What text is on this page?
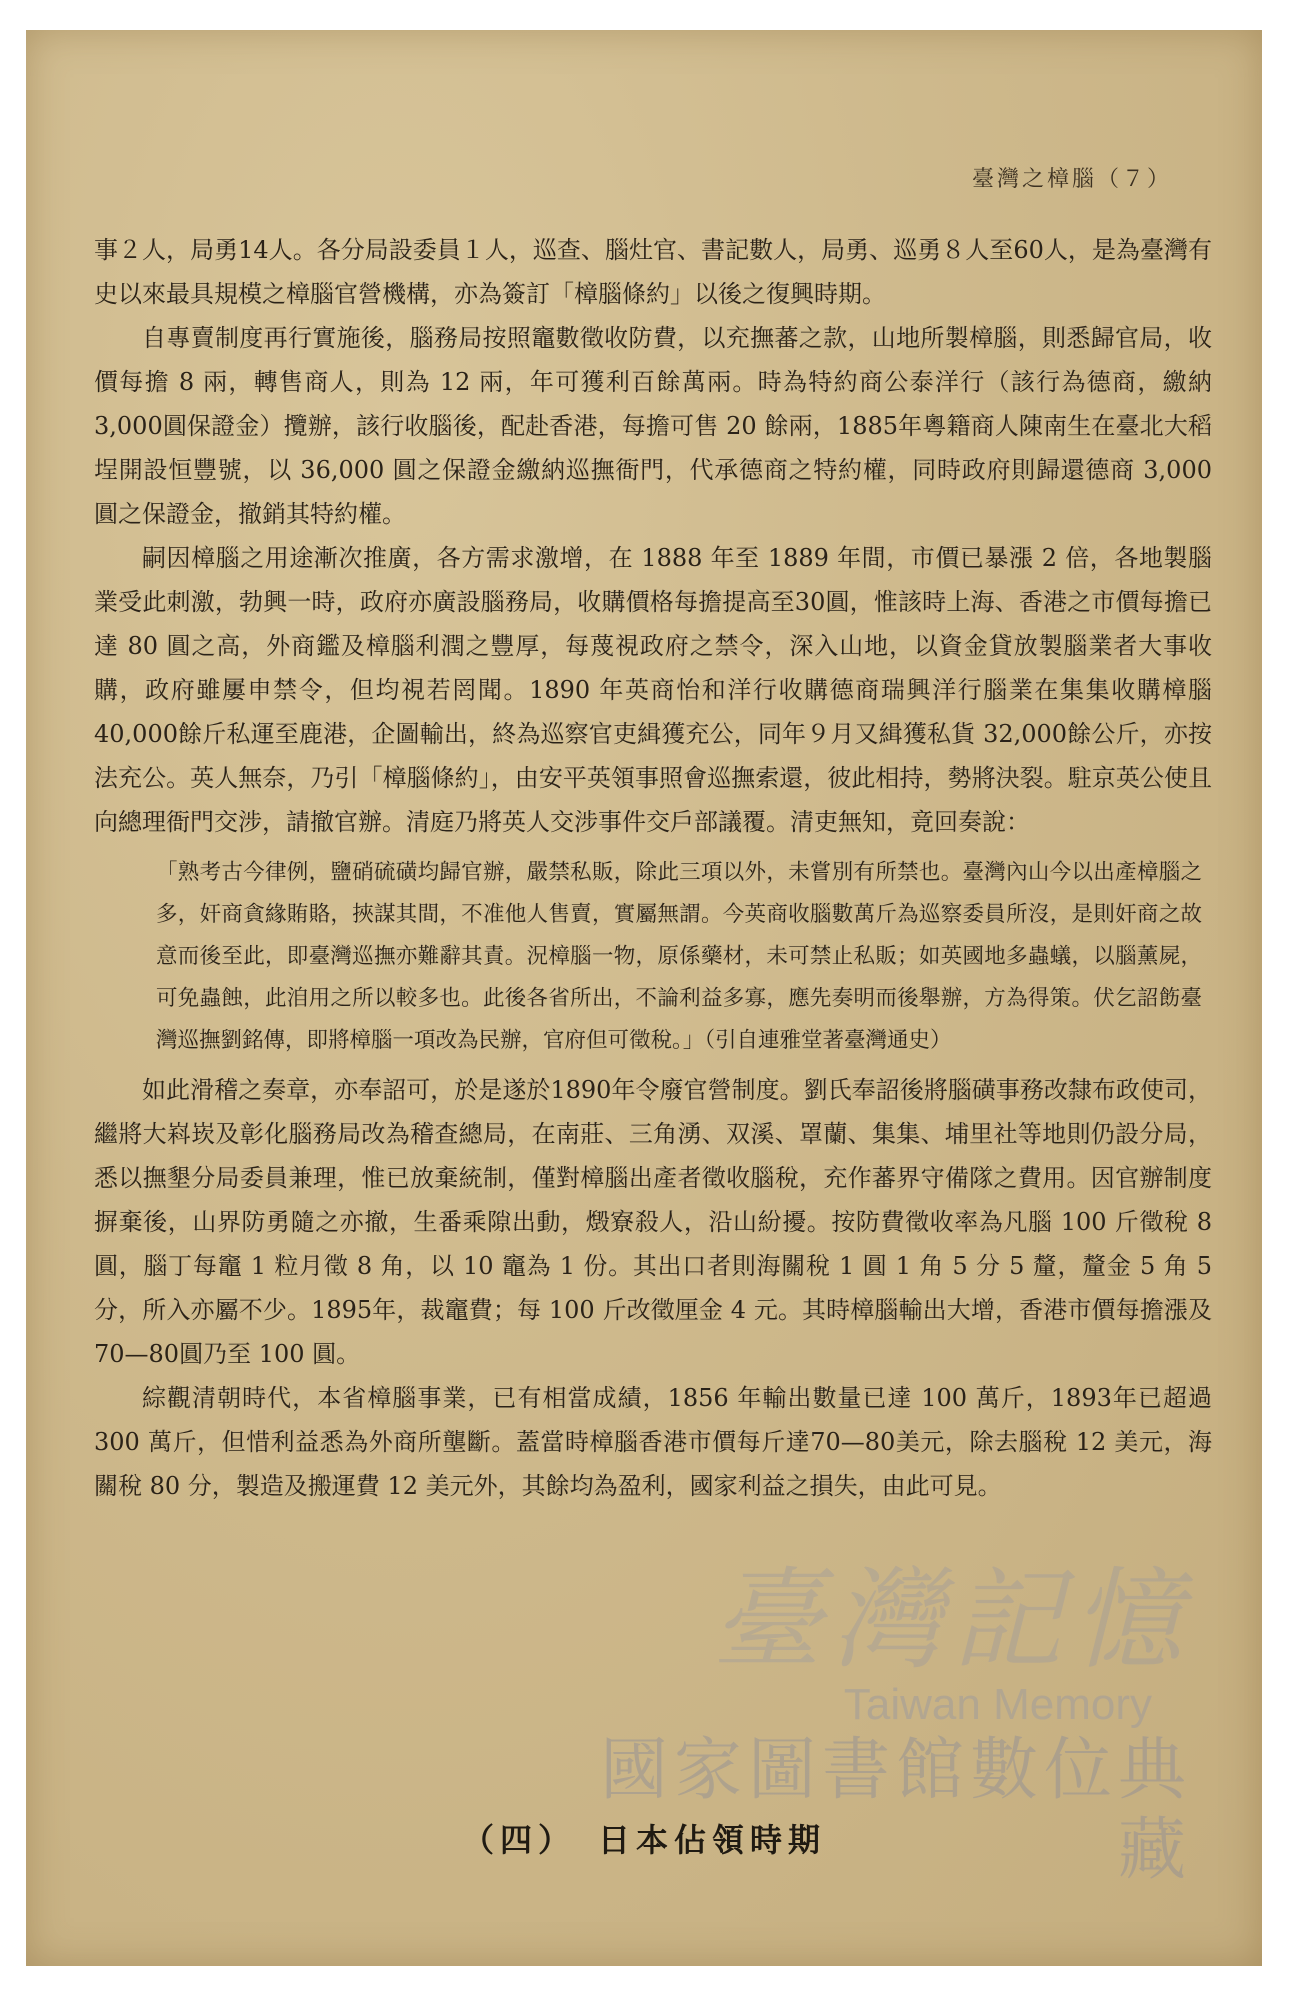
臺灣之樟腦（７）

事２人，局勇14人。各分局設委員１人，巡查、腦灶官、書記數人，局勇、巡勇８人至60人，是為臺灣有史以來最具規模之樟腦官營機構，亦為簽訂「樟腦條約」以後之復興時期。

自專賣制度再行實施後，腦務局按照竈數徵收防費，以充撫蕃之款，山地所製樟腦，則悉歸官局，收價每擔 8 兩，轉售商人，則為 12 兩，年可獲利百餘萬兩。時為特約商公泰洋行（該行為德商，繳納3,000圓保證金）攬辦，該行收腦後，配赴香港，每擔可售 20 餘兩，1885年粵籍商人陳南生在臺北大稻埕開設恒豐號，以 36,000 圓之保證金繳納巡撫衙門，代承德商之特約權，同時政府則歸還德商 3,000 圓之保證金，撤銷其特約權。

嗣因樟腦之用途漸次推廣，各方需求激增，在 1888 年至 1889 年間，市價已暴漲 2 倍，各地製腦業受此刺激，勃興一時，政府亦廣設腦務局，收購價格每擔提高至30圓，惟該時上海、香港之市價每擔已達 80 圓之高，外商鑑及樟腦利潤之豐厚，每蔑視政府之禁令，深入山地，以資金貸放製腦業者大事收購，政府雖屢申禁令，但均視若罔聞。1890 年英商怡和洋行收購德商瑞興洋行腦業在集集收購樟腦 40,000餘斤私運至鹿港，企圖輸出，終為巡察官吏緝獲充公，同年９月又緝獲私貨 32,000餘公斤，亦按法充公。英人無奈，乃引「樟腦條約」，由安平英領事照會巡撫索還，彼此相持，勢將決裂。駐京英公使且向總理衙門交涉，請撤官辦。清庭乃將英人交涉事件交戶部議覆。清吏無知，竟回奏說：

「熟考古今律例，鹽硝硫磺均歸官辦，嚴禁私販，除此三項以外，未嘗別有所禁也。臺灣內山今以出產樟腦之多，奸商貪緣賄賂，挾謀其間，不准他人售賣，實屬無謂。今英商收腦數萬斤為巡察委員所沒，是則奸商之故意而後至此，即臺灣巡撫亦難辭其責。況樟腦一物，原係藥材，未可禁止私販；如英國地多蟲蟻，以腦薰屍，可免蟲蝕，此洎用之所以較多也。此後各省所出，不論利益多寡，應先奏明而後舉辦，方為得策。伏乞詔飭臺灣巡撫劉銘傳，即將樟腦一項改為民辦，官府但可徵稅。」（引自連雅堂著臺灣通史）

如此滑稽之奏章，亦奉詔可，於是遂於1890年令廢官營制度。劉氏奉詔後將腦磺事務改隸布政使司，繼將大嵙崁及彰化腦務局改為稽查總局，在南莊、三角湧、双溪、罩蘭、集集、埔里社等地則仍設分局，悉以撫墾分局委員兼理，惟已放棄統制，僅對樟腦出產者徵收腦稅，充作蕃界守備隊之費用。因官辦制度摒棄後，山界防勇隨之亦撤，生番乘隙出動，燬寮殺人，沿山紛擾。按防費徵收率為凡腦 100 斤徵稅 8 圓，腦丁每竈 1 粒月徵 8 角，以 10 竈為 1 份。其出口者則海關稅 1 圓 1 角 5 分 5 釐，釐金 5 角 5 分，所入亦屬不少。1895年，裁竈費；每 100 斤改徵厘金 4 元。其時樟腦輸出大增，香港市價每擔漲及70—80圓乃至 100 圓。

綜觀清朝時代，本省樟腦事業，已有相當成績，1856 年輸出數量已達 100 萬斤，1893年已超過 300 萬斤，但惜利益悉為外商所壟斷。蓋當時樟腦香港市價每斤達70—80美元，除去腦稅 12 美元，海關稅 80 分，製造及搬運費 12 美元外，其餘均為盈利，國家利益之損失，由此可見。

臺灣記憶
Taiwan Memory
國家圖書館數位典藏
（四）　日本佔領時期
